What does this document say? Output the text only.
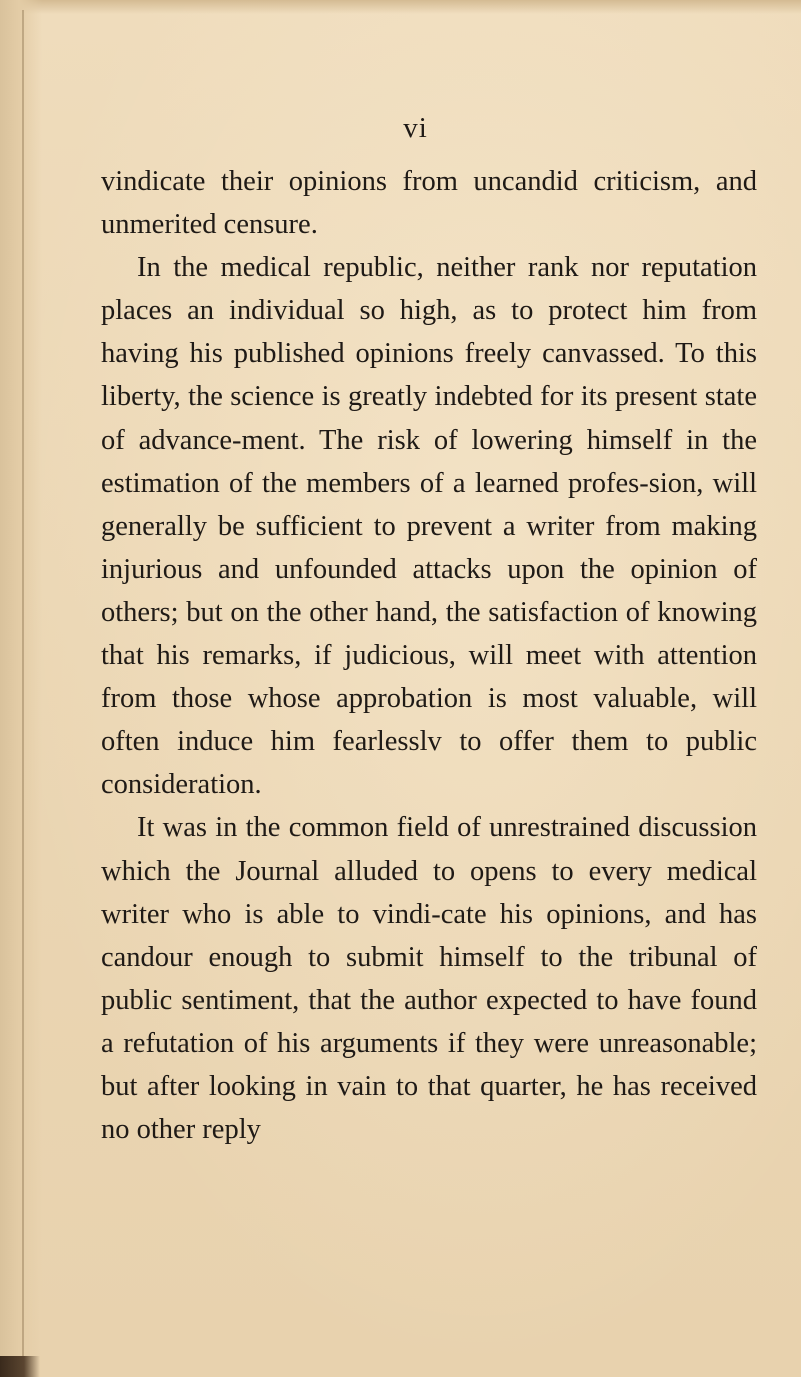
vi

vindicate their opinions from uncandid criticism, and unmerited censure.

In the medical republic, neither rank nor reputation places an individual so high, as to protect him from having his published opinions freely canvassed. To this liberty, the science is greatly indebted for its present state of advance-ment. The risk of lowering himself in the estimation of the members of a learned profes-sion, will generally be sufficient to prevent a writer from making injurious and unfounded attacks upon the opinion of others; but on the other hand, the satisfaction of knowing that his remarks, if judicious, will meet with attention from those whose approbation is most valuable, will often induce him fearlesslv to offer them to public consideration.

It was in the common field of unrestrained discussion which the Journal alluded to opens to every medical writer who is able to vindi-cate his opinions, and has candour enough to submit himself to the tribunal of public sentiment, that the author expected to have found a refutation of his arguments if they were unreasonable; but after looking in vain to that quarter, he has received no other reply
